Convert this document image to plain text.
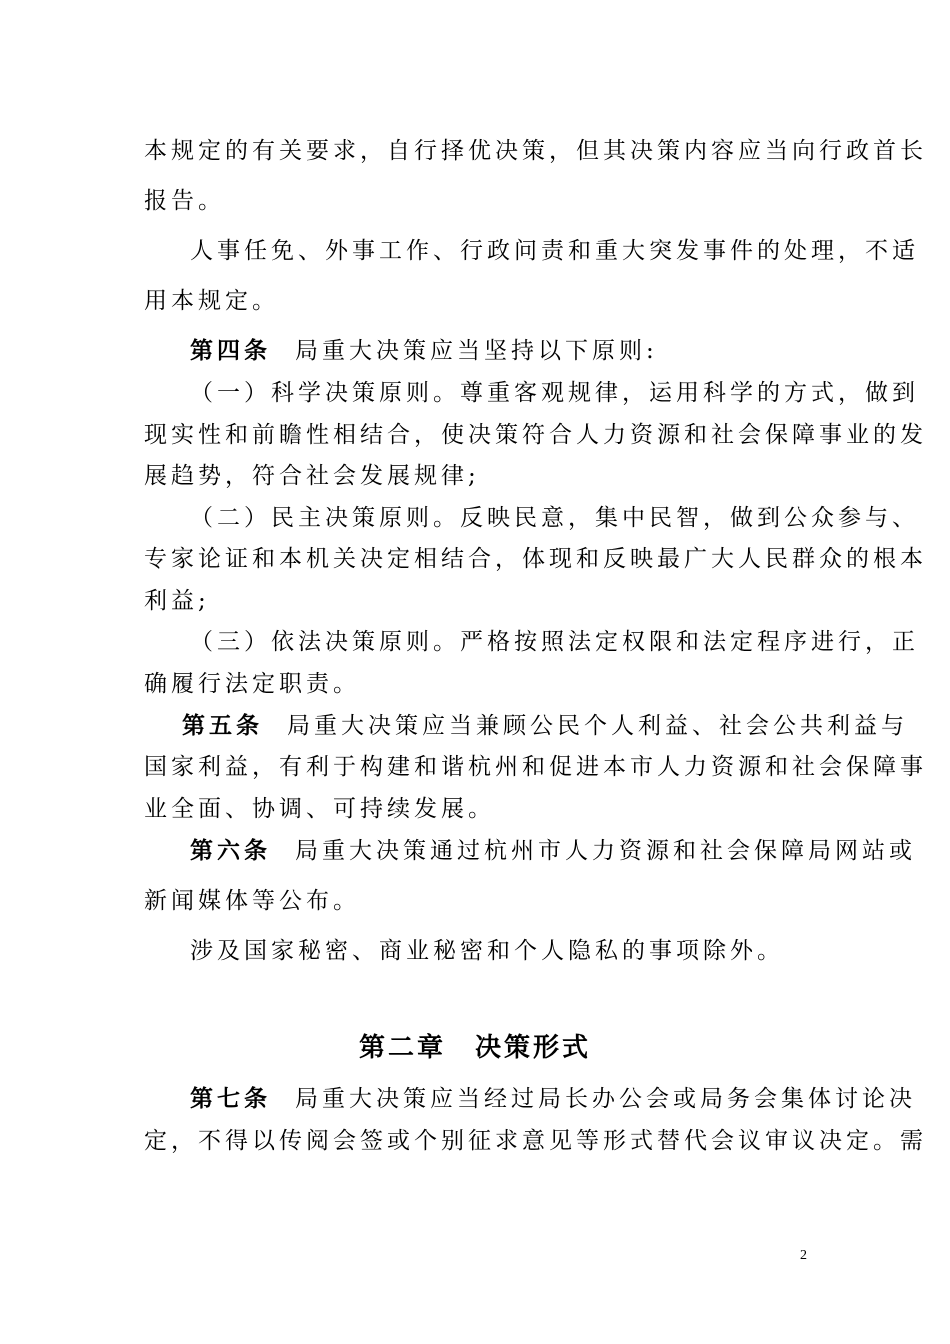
本规定的有关要求，自行择优决策，但其决策内容应当向行政首长
报告。
人事任免、外事工作、行政问责和重大突发事件的处理，不适
用本规定。
第四条 局重大决策应当坚持以下原则:
（一）科学决策原则。尊重客观规律，运用科学的方式，做到
现实性和前瞻性相结合，使决策符合人力资源和社会保障事业的发
展趋势，符合社会发展规律;
（二）民主决策原则。反映民意，集中民智，做到公众参与、
专家论证和本机关决定相结合，体现和反映最广大人民群众的根本
利益;
（三）依法决策原则。严格按照法定权限和法定程序进行，正
确履行法定职责。
第五条 局重大决策应当兼顾公民个人利益、社会公共利益与
国家利益，有利于构建和谐杭州和促进本市人力资源和社会保障事
业全面、协调、可持续发展。
第六条 局重大决策通过杭州市人力资源和社会保障局网站或
新闻媒体等公布。
涉及国家秘密、商业秘密和个人隐私的事项除外。
第二章　决策形式
第七条 局重大决策应当经过局长办公会或局务会集体讨论决
定，不得以传阅会签或个别征求意见等形式替代会议审议决定。需
2
